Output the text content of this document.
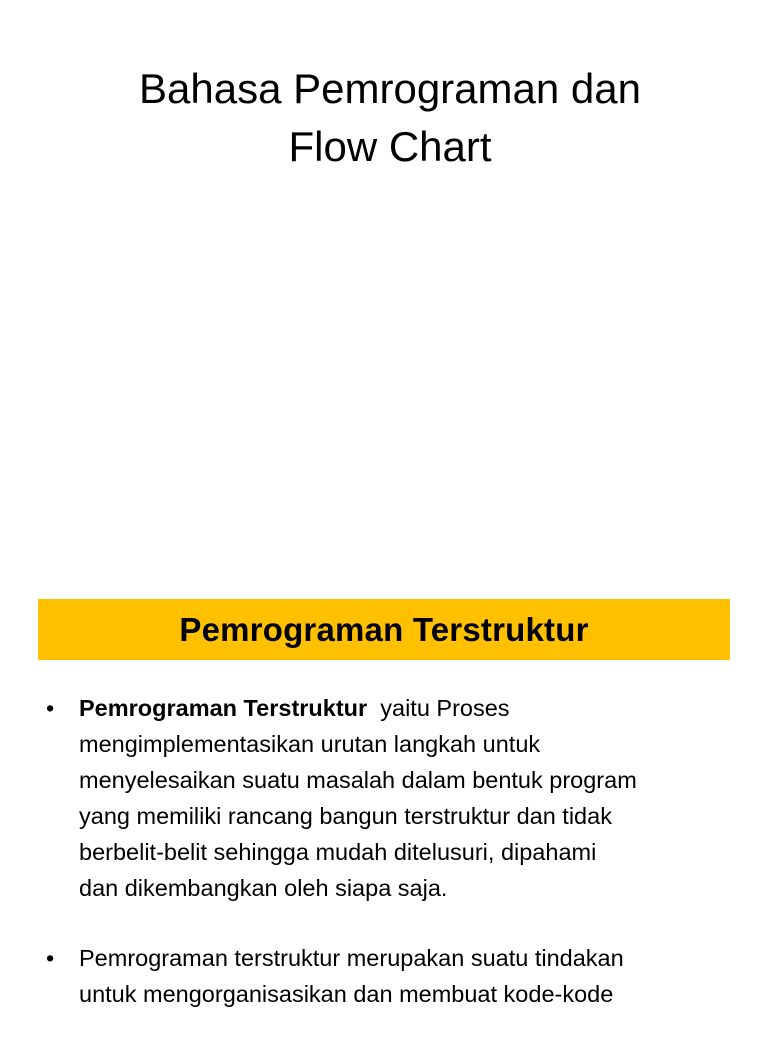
Bahasa Pemrograman dan
Flow Chart
Pemrograman Terstruktur
•	Pemrograman Terstruktur  yaitu Proses
mengimplementasikan urutan langkah untuk
menyelesaikan suatu masalah dalam bentuk program
yang memiliki rancang bangun terstruktur dan tidak
berbelit-belit sehingga mudah ditelusuri, dipahami
dan dikembangkan oleh siapa saja.
•	Pemrograman terstruktur merupakan suatu tindakan
untuk mengorganisasikan dan membuat kode-kode
